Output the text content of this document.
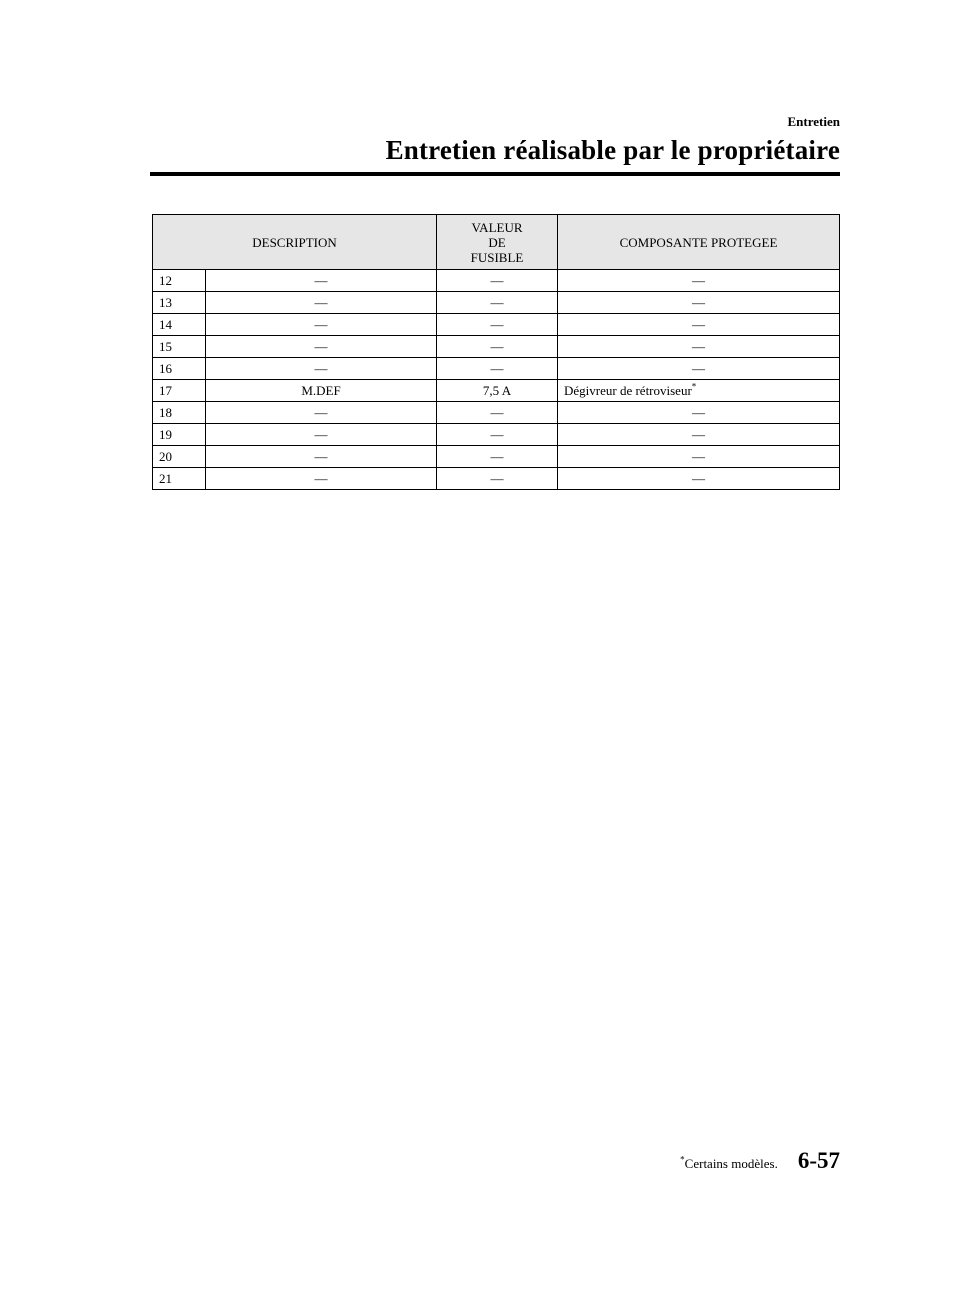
Entretien
Entretien réalisable par le propriétaire
DESCRIPTION		VALEUR
DE
FUSIBLE	COMPOSANTE PROTEGEE
12	—	—	—
13	—	—	—
14	—	—	—
15	—	—	—
16	—	—	—
17	M.DEF	7,5 A	Dégivreur de rétroviseur*
18	—	—	—
19	—	—	—
20	—	—	—
21	—	—	—
*Certains modèles. 6-57
